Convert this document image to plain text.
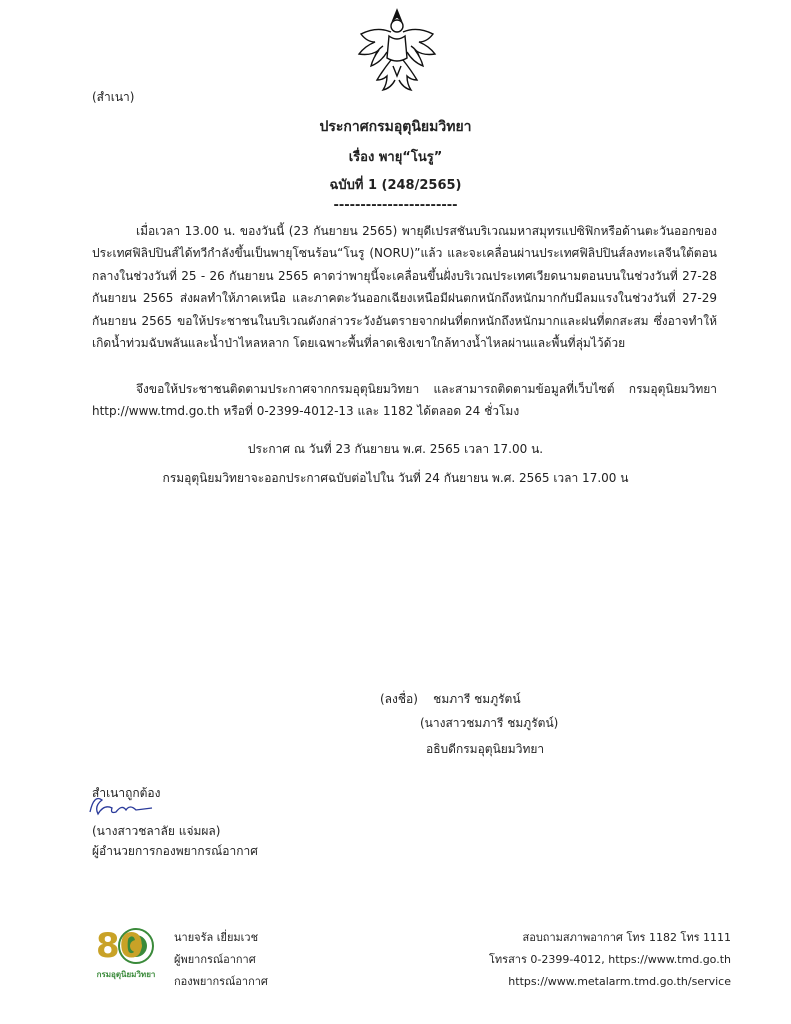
(สำเนา)
ประกาศกรมอุตุนิยมวิทยา
เรื่อง พายุ“โนรู”
ฉบับที่ 1 (248/2565)
-----------------------

เมื่อเวลา 13.00 น. ของวันนี้ (23 กันยายน 2565) พายุดีเปรสชันบริเวณมหาสมุทรแปซิฟิกหรือด้านตะวันออกของประเทศฟิลิปปินส์ได้ทวีกำลังขึ้นเป็นพายุโซนร้อน“โนรู (NORU)”แล้ว และจะเคลื่อนผ่านประเทศฟิลิปปินส์ลงทะเลจีนใต้ตอนกลางในช่วงวันที่ 25 - 26 กันยายน 2565 คาดว่าพายุนี้จะเคลื่อนขึ้นฝั่งบริเวณประเทศเวียดนามตอนบนในช่วงวันที่ 27-28 กันยายน 2565 ส่งผลทำให้ภาคเหนือ และภาคตะวันออกเฉียงเหนือมีฝนตกหนักถึงหนักมากกับมีลมแรงในช่วงวันที่ 27-29 กันยายน 2565 ขอให้ประชาชนในบริเวณดังกล่าวระวังอันตรายจากฝนที่ตกหนักถึงหนักมากและฝนที่ตกสะสม ซึ่งอาจทำให้เกิดน้ำท่วมฉับพลันและน้ำป่าไหลหลาก โดยเฉพาะพื้นที่ลาดเชิงเขาใกล้ทางน้ำไหลผ่านและพื้นที่ลุ่มไว้ด้วย

จึงขอให้ประชาชนติดตามประกาศจากกรมอุตุนิยมวิทยา และสามารถติดตามข้อมูลที่เว็บไซต์ กรมอุตุนิยมวิทยา http://www.tmd.go.th หรือที่ 0-2399-4012-13 และ 1182 ได้ตลอด 24 ชั่วโมง

ประกาศ ณ วันที่ 23 กันยายน พ.ศ. 2565 เวลา 17.00 น.
กรมอุตุนิยมวิทยาจะออกประกาศฉบับต่อไปใน วันที่ 24 กันยายน พ.ศ. 2565 เวลา 17.00 น
(ลงชื่อ)    ชมภารี ชมภูรัตน์
(นางสาวชมภารี ชมภูรัตน์)
อธิบดีกรมอุตุนิยมวิทยา
สำเนาถูกต้อง
(นางสาวชลาลัย แจ่มผล)
ผู้อำนวยการกองพยากรณ์อากาศ
80
กรมอุตุนิยมวิทยา
นายจรัล เยี่ยมเวช
ผู้พยากรณ์อากาศ
กองพยากรณ์อากาศ
สอบถามสภาพอากาศ โทร 1182 โทร 1111
โทรสาร 0-2399-4012, https://www.tmd.go.th
https://www.metalarm.tmd.go.th/service
